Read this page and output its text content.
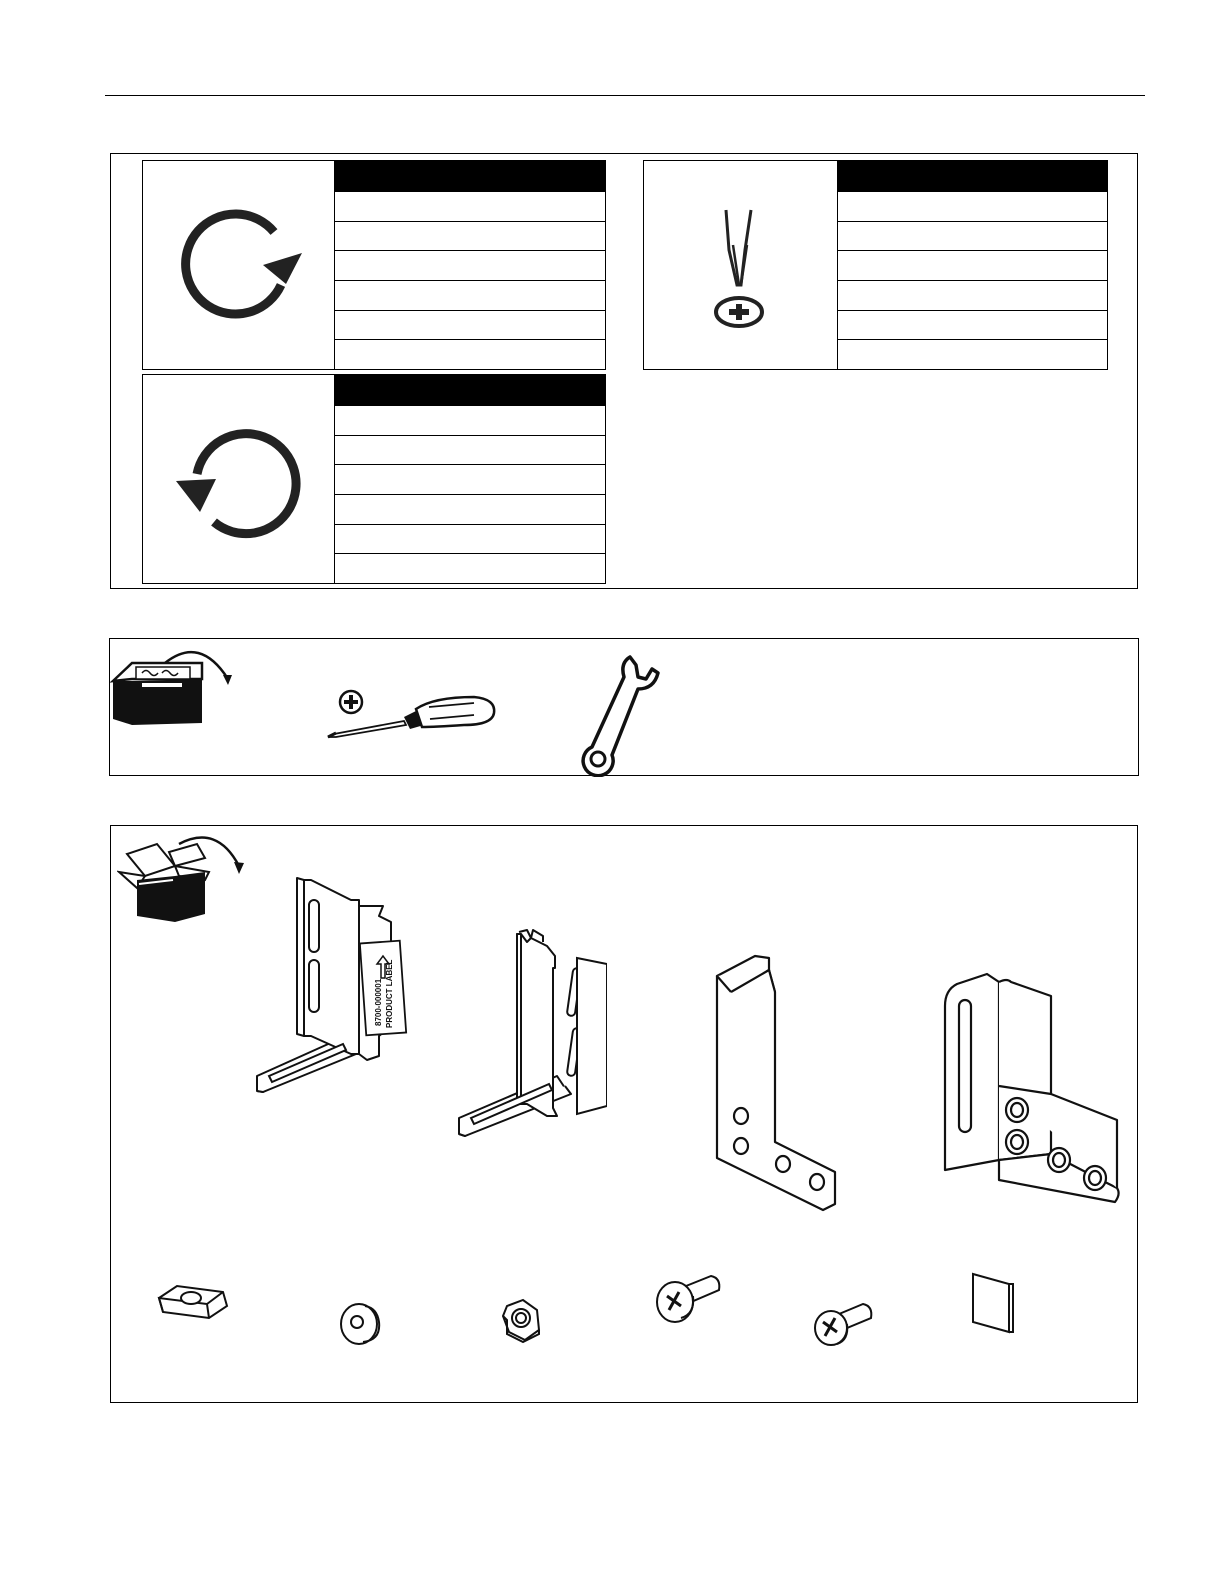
8700-000001 PRODUCT LABEL
